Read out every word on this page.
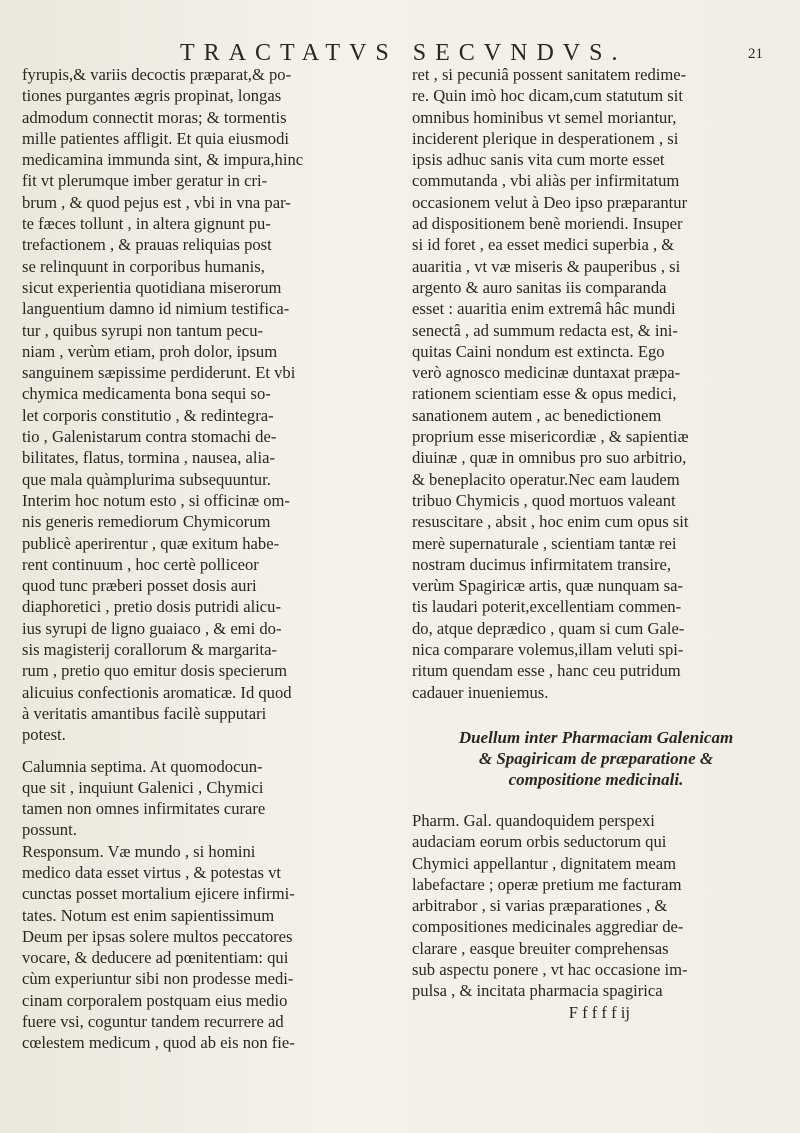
TRACTATVS SECVNDVS.	21
fyrupis,& variis decoctis præparat,& po-
tiones purgantes ægris propinat, longas
admodum connectit moras; & tormentis
mille patientes affligit. Et quia eiusmodi
medicamina immunda sint, & impura,hinc
fit vt plerumque imber geratur in cri-
brum , & quod pejus est , vbi in vna par-
te fæces tollunt , in altera gignunt pu-
trefactionem , & prauas reliquias post
se relinquunt in corporibus humanis,
sicut experientia quotidiana miserorum
languentium damno id nimium testifica-
tur , quibus syrupi non tantum pecu-
niam , verùm etiam, proh dolor, ipsum
sanguinem sæpissime perdiderunt. Et vbi
chymica medicamenta bona sequi so-
let corporis constitutio , & redintegra-
tio , Galenistarum contra stomachi de-
bilitates, flatus, tormina , nausea, alia-
que mala quàmplurima subsequuntur.
Interim hoc notum esto , si officinæ om-
nis generis remediorum Chymicorum
publicè aperirentur , quæ exitum habe-
rent continuum , hoc certè polliceor
quod tunc præberi posset dosis auri
diaphoretici , pretio dosis putridi alicu-
ius syrupi de ligno guaiaco , & emi do-
sis magisterij corallorum & margarita-
rum , pretio quo emitur dosis specierum
alicuius confectionis aromaticæ. Id quod
à veritatis amantibus facilè supputari
potest.
Calumnia septima. At quomodocun-
que sit , inquiunt Galenici , Chymici
tamen non omnes infirmitates curare
possunt.
Responsum. Væ mundo , si homini
medico data esset virtus , & potestas vt
cunctas posset mortalium ejicere infirmi-
tates. Notum est enim sapientissimum
Deum per ipsas solere multos peccatores
vocare, & deducere ad pœnitentiam: qui
cùm experiuntur sibi non prodesse medi-
cinam corporalem postquam eius medio
fuere vsi, coguntur tandem recurrere ad
cœlestem medicum , quod ab eis non fie-
ret , si pecuniâ possent sanitatem redime-
re. Quin imò hoc dicam,cum statutum sit
omnibus hominibus vt semel moriantur,
inciderent plerique in desperationem , si
ipsis adhuc sanis vita cum morte esset
commutanda , vbi aliàs per infirmitatum
occasionem velut à Deo ipso præparantur
ad dispositionem benè moriendi. Insuper
si id foret , ea esset medici superbia , &
auaritia , vt væ miseris & pauperibus , si
argento & auro sanitas iis comparanda
esset : auaritia enim extremâ hâc mundi
senectâ , ad summum redacta est, & ini-
quitas Caini nondum est extincta. Ego
verò agnosco medicinæ duntaxat præpa-
rationem scientiam esse & opus medici,
sanationem autem , ac benedictionem
proprium esse misericordiæ , & sapientiæ
diuinæ , quæ in omnibus pro suo arbitrio,
& beneplacito operatur.Nec eam laudem
tribuo Chymicis , quod mortuos valeant
resuscitare , absit , hoc enim cum opus sit
merè supernaturale , scientiam tantæ rei
nostram ducimus infirmitatem transire,
verùm Spagiricæ artis, quæ nunquam sa-
tis laudari poterit,excellentiam commen-
do, atque deprædico , quam si cum Gale-
nica comparare volemus,illam veluti spi-
ritum quendam esse , hanc ceu putridum
cadauer inueniemus.
Duellum inter Pharmaciam Galenicam
& Spagiricam de præparatione &
compositione medicinali.
Pharm. Gal. quandoquidem perspexi
audaciam eorum orbis seductorum qui
Chymici appellantur , dignitatem meam
labefactare ; operæ pretium me facturam
arbitrabor , si varias præparationes , &
compositiones medicinales aggrediar de-
clarare , easque breuiter comprehensas
sub aspectu ponere , vt hac occasione im-
pulsa , & incitata pharmacia spagirica
F f f f f ij
